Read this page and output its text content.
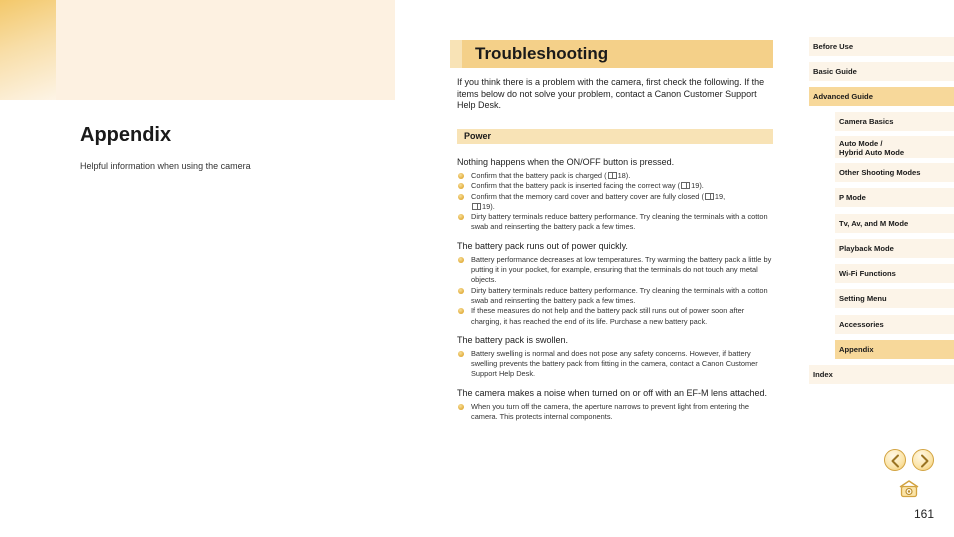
Appendix
Helpful information when using the camera
Troubleshooting

If you think there is a problem with the camera, first check the following. If the items below do not solve your problem, contact a Canon Customer Support Help Desk.

Power
Nothing happens when the ON/OFF button is pressed.
Confirm that the battery pack is charged ( 18).
Confirm that the battery pack is inserted facing the correct way ( 19).
Confirm that the memory card cover and battery cover are fully closed ( 19,
19).
Dirty battery terminals reduce battery performance. Try cleaning the terminals with a cotton swab and reinserting the battery pack a few times.
The battery pack runs out of power quickly.
Battery performance decreases at low temperatures. Try warming the battery pack a little by putting it in your pocket, for example, ensuring that the terminals do not touch any metal objects.
Dirty battery terminals reduce battery performance. Try cleaning the terminals with a cotton swab and reinserting the battery pack a few times.
If these measures do not help and the battery pack still runs out of power soon after charging, it has reached the end of its life. Purchase a new battery pack.
The battery pack is swollen.
Battery swelling is normal and does not pose any safety concerns. However, if battery swelling prevents the battery pack from fitting in the camera, contact a Canon Customer Support Help Desk.
The camera makes a noise when turned on or off with an EF-M lens attached.
When you turn off the camera, the aperture narrows to prevent light from entering the camera. This protects internal components.
Before Use
Basic Guide
Advanced Guide
Camera Basics
Auto Mode /
Hybrid Auto Mode
Other Shooting Modes
P Mode
Tv, Av, and M Mode
Playback Mode
Wi-Fi Functions
Setting Menu
Accessories
Appendix
Index
161
